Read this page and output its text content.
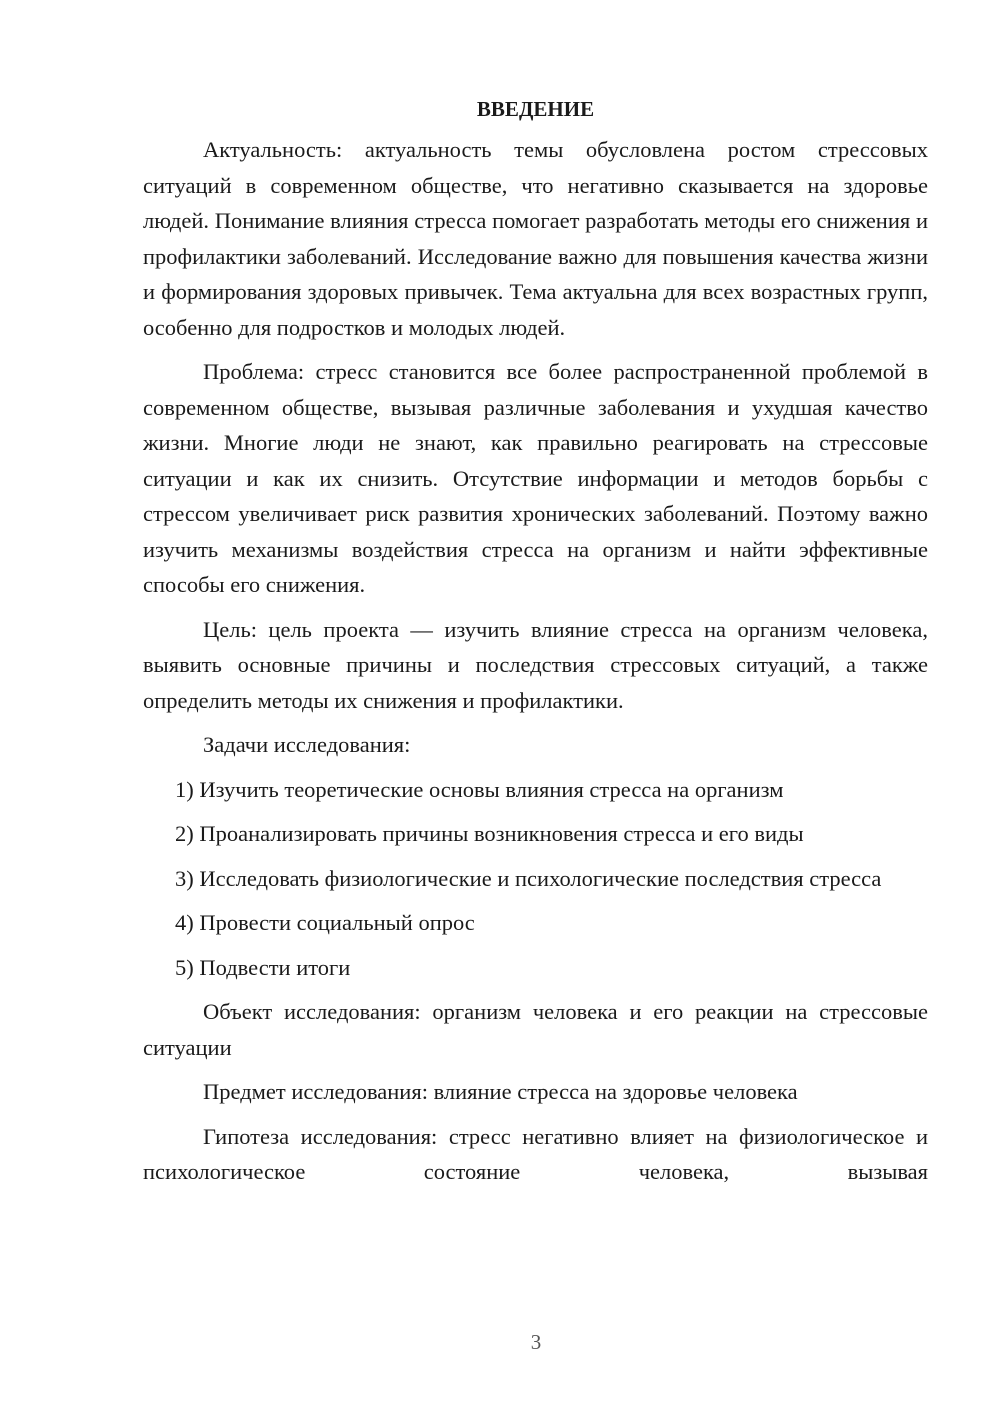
ВВЕДЕНИЕ

Актуальность: актуальность темы обусловлена ростом стрессовых ситуаций в современном обществе, что негативно сказывается на здоровье людей. Понимание влияния стресса помогает разработать методы его снижения и профилактики заболеваний. Исследование важно для повышения качества жизни и формирования здоровых привычек. Тема актуальна для всех возрастных групп, особенно для подростков и молодых людей.

Проблема: стресс становится все более распространенной проблемой в современном обществе, вызывая различные заболевания и ухудшая качество жизни. Многие люди не знают, как правильно реагировать на стрессовые ситуации и как их снизить. Отсутствие информации и методов борьбы с стрессом увеличивает риск развития хронических заболеваний. Поэтому важно изучить механизмы воздействия стресса на организм и найти эффективные способы его снижения.

Цель: цель проекта — изучить влияние стресса на организм человека, выявить основные причины и последствия стрессовых ситуаций, а также определить методы их снижения и профилактики.

Задачи исследования:

1) Изучить теоретические основы влияния стресса на организм

2) Проанализировать причины возникновения стресса и его виды

3) Исследовать физиологические и психологические последствия стресса

4) Провести социальный опрос

5) Подвести итоги

Объект исследования: организм человека и его реакции на стрессовые ситуации

Предмет исследования: влияние стресса на здоровье человека

Гипотеза исследования: стресс негативно влияет на физиологическое и психологическое состояние человека, вызывая

3
